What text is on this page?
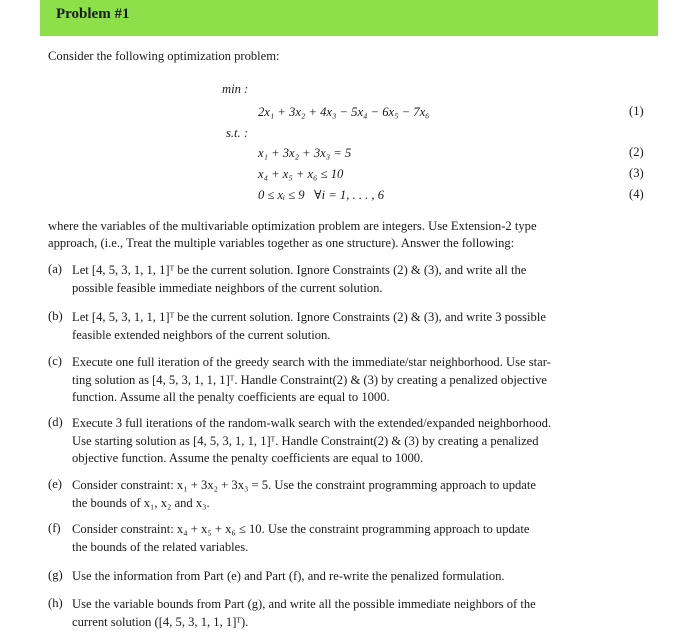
Problem #1
Consider the following optimization problem:
min :
2x₁ + 3x₂ + 4x₃ − 5x₄ − 6x₅ − 7x₆	(1)
s.t. :
x₁ + 3x₂ + 3x₃ = 5	(2)
x₄ + x₅ + x₆ ≤ 10	(3)
0 ≤ xᵢ ≤ 9   ∀i = 1, . . . , 6	(4)
where the variables of the multivariable optimization problem are integers. Use Extension-2 type
approach, (i.e., Treat the multiple variables together as one structure). Answer the following:
(a) Let [4, 5, 3, 1, 1, 1]ᵀ be the current solution. Ignore Constraints (2) & (3), and write all the
possible feasible immediate neighbors of the current solution.
(b) Let [4, 5, 3, 1, 1, 1]ᵀ be the current solution. Ignore Constraints (2) & (3), and write 3 possible
feasible extended neighbors of the current solution.
(c) Execute one full iteration of the greedy search with the immediate/star neighborhood. Use star-
ting solution as [4, 5, 3, 1, 1, 1]ᵀ. Handle Constraint(2) & (3) by creating a penalized objective
function. Assume all the penalty coefficients are equal to 1000.
(d) Execute 3 full iterations of the random-walk search with the extended/expanded neighborhood.
Use starting solution as [4, 5, 3, 1, 1, 1]ᵀ. Handle Constraint(2) & (3) by creating a penalized
objective function. Assume the penalty coefficients are equal to 1000.
(e) Consider constraint: x₁ + 3x₂ + 3x₃ = 5. Use the constraint programming approach to update
the bounds of x₁, x₂ and x₃.
(f) Consider constraint: x₄ + x₅ + x₆ ≤ 10. Use the constraint programming approach to update
the bounds of the related variables.
(g) Use the information from Part (e) and Part (f), and re-write the penalized formulation.
(h) Use the variable bounds from Part (g), and write all the possible immediate neighbors of the
current solution ([4, 5, 3, 1, 1, 1]ᵀ).
